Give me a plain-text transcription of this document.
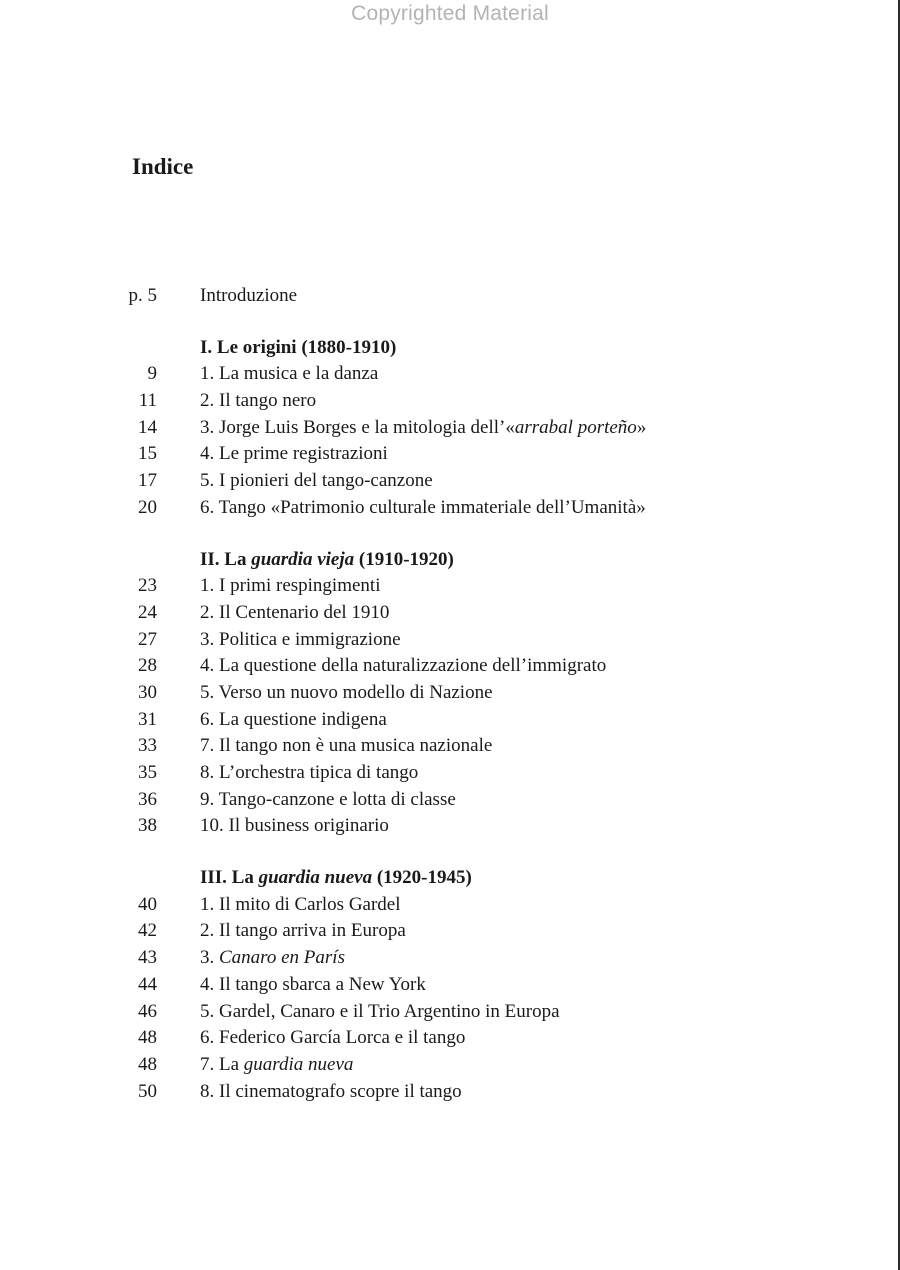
Copyrighted Material
Indice
p. 5 Introduzione
I. Le origini (1880-1910)
9 1. La musica e la danza
11 2. Il tango nero
14 3. Jorge Luis Borges e la mitologia dell’«arrabal porteño»
15 4. Le prime registrazioni
17 5. I pionieri del tango-canzone
20 6. Tango «Patrimonio culturale immateriale dell’Umanità»
II. La guardia vieja (1910-1920)
23 1. I primi respingimenti
24 2. Il Centenario del 1910
27 3. Politica e immigrazione
28 4. La questione della naturalizzazione dell’immigrato
30 5. Verso un nuovo modello di Nazione
31 6. La questione indigena
33 7. Il tango non è una musica nazionale
35 8. L’orchestra tipica di tango
36 9. Tango-canzone e lotta di classe
38 10. Il business originario
III. La guardia nueva (1920-1945)
40 1. Il mito di Carlos Gardel
42 2. Il tango arriva in Europa
43 3. Canaro en París
44 4. Il tango sbarca a New York
46 5. Gardel, Canaro e il Trio Argentino in Europa
48 6. Federico García Lorca e il tango
48 7. La guardia nueva
50 8. Il cinematografo scopre il tango
